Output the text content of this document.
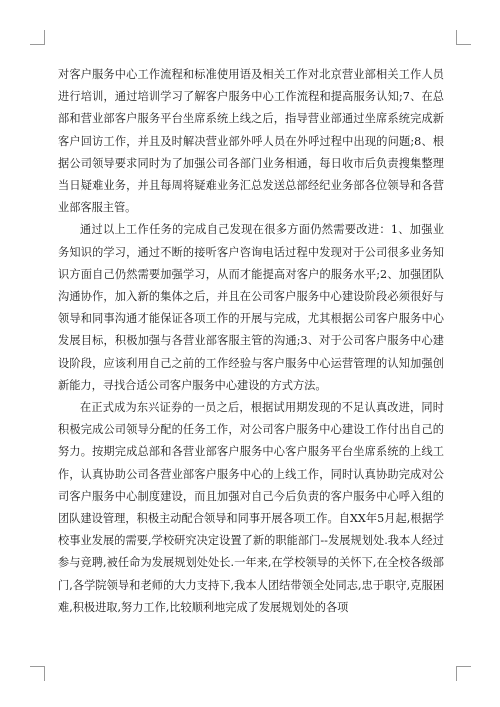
对客户服务中心工作流程和标准使用语及相关工作对北京营业部相关工作人员进行培训，通过培训学习了解客户服务中心工作流程和提高服务认知;7、在总部和营业部客户服务平台坐席系统上线之后，指导营业部通过坐席系统完成新客户回访工作，并且及时解决营业部外呼人员在外呼过程中出现的问题;8、根据公司领导要求同时为了加强公司各部门业务相通，每日收市后负责搜集整理当日疑难业务，并且每周将疑难业务汇总发送总部经纪业务部各位领导和各营业部客服主管。

通过以上工作任务的完成自己发现在很多方面仍然需要改进：1、加强业务知识的学习，通过不断的接听客户咨询电话过程中发现对于公司很多业务知识方面自己仍然需要加强学习，从而才能提高对客户的服务水平;2、加强团队沟通协作，加入新的集体之后，并且在公司客户服务中心建设阶段必须很好与领导和同事沟通才能保证各项工作的开展与完成，尤其根据公司客户服务中心发展目标，积极加强与各营业部客服主管的沟通;3、对于公司客户服务中心建设阶段，应该利用自己之前的工作经验与客户服务中心运营管理的认知加强创新能力，寻找合适公司客户服务中心建设的方式方法。

在正式成为东兴证券的一员之后，根据试用期发现的不足认真改进，同时积极完成公司领导分配的任务工作，对公司客户服务中心建设工作付出自己的努力。按期完成总部和各营业部客户服务中心客户服务平台坐席系统的上线工作，认真协助公司各营业部客户服务中心的上线工作，同时认真协助完成对公司客户服务中心制度建设，而且加强对自己今后负责的客户服务中心呼入组的团队建设管理，积极主动配合领导和同事开展各项工作。自XX年5月起,根据学校事业发展的需要,学校研究决定设置了新的职能部门--发展规划处.我本人经过参与竞聘,被任命为发展规划处处长.一年来,在学校领导的关怀下,在全校各级部门,各学院领导和老师的大力支持下,我本人团结带领全处同志,忠于职守,克服困难,积极进取,努力工作,比较顺利地完成了发展规划处的各项
